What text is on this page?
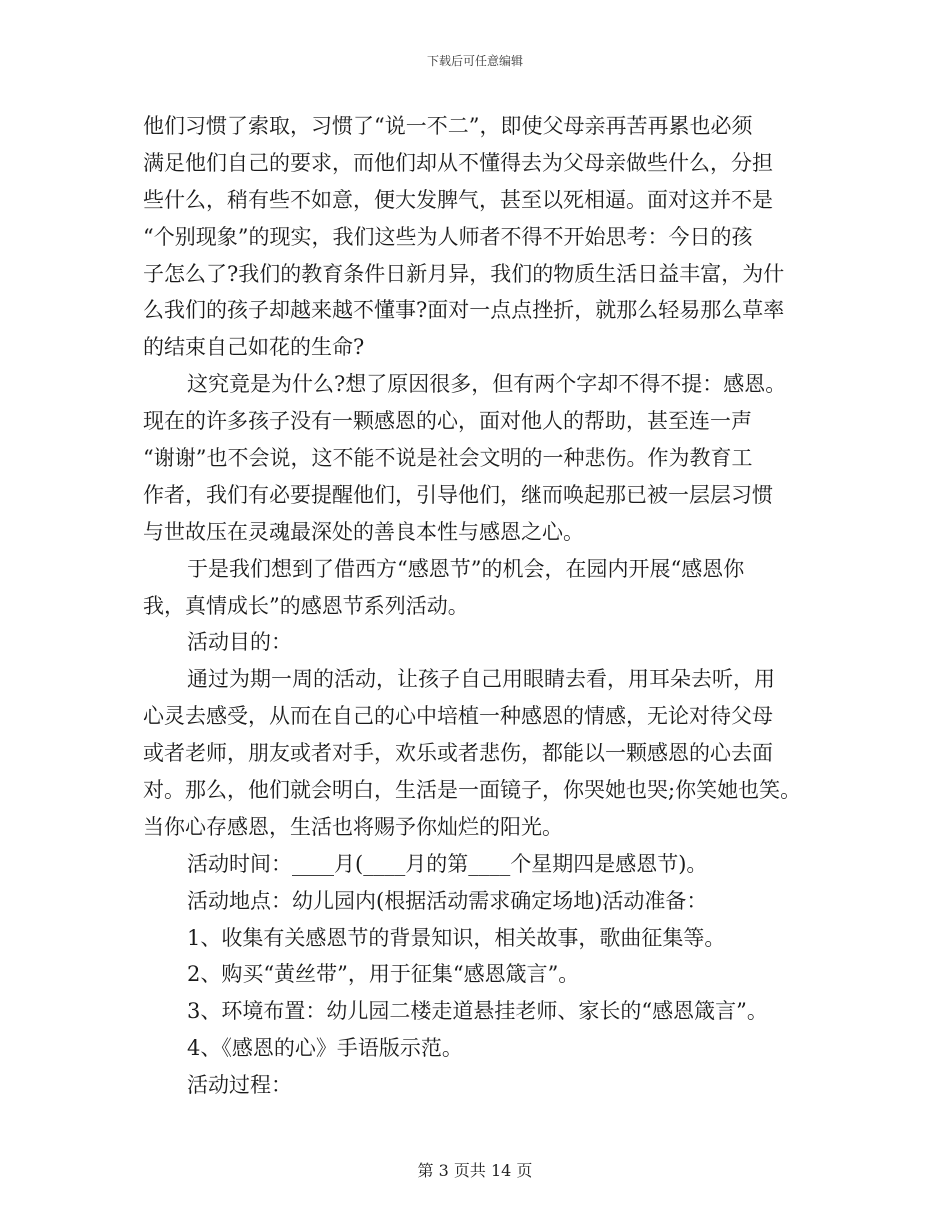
下载后可任意编辑
他们习惯了索取，习惯了“说一不二”，即使父母亲再苦再累也必须
满足他们自己的要求，而他们却从不懂得去为父母亲做些什么，分担
些什么，稍有些不如意，便大发脾气，甚至以死相逼。面对这并不是
“个别现象”的现实，我们这些为人师者不得不开始思考：今日的孩
子怎么了?我们的教育条件日新月异，我们的物质生活日益丰富，为什
么我们的孩子却越来越不懂事?面对一点点挫折，就那么轻易那么草率
的结束自己如花的生命?
这究竟是为什么?想了原因很多，但有两个字却不得不提：感恩。
现在的许多孩子没有一颗感恩的心，面对他人的帮助，甚至连一声
“谢谢”也不会说，这不能不说是社会文明的一种悲伤。作为教育工
作者，我们有必要提醒他们，引导他们，继而唤起那已被一层层习惯
与世故压在灵魂最深处的善良本性与感恩之心。
于是我们想到了借西方“感恩节”的机会，在园内开展“感恩你
我，真情成长”的感恩节系列活动。
活动目的：
通过为期一周的活动，让孩子自己用眼睛去看，用耳朵去听，用
心灵去感受，从而在自己的心中培植一种感恩的情感，无论对待父母
或者老师，朋友或者对手，欢乐或者悲伤，都能以一颗感恩的心去面
对。那么，他们就会明白，生活是一面镜子，你哭她也哭;你笑她也笑。
当你心存感恩，生活也将赐予你灿烂的阳光。
活动时间：____月(____月的第____个星期四是感恩节)。
活动地点：幼儿园内(根据活动需求确定场地)活动准备：
1、收集有关感恩节的背景知识，相关故事，歌曲征集等。
2、购买“黄丝带”，用于征集“感恩箴言”。
3、环境布置：幼儿园二楼走道悬挂老师、家长的“感恩箴言”。
4、《感恩的心》手语版示范。
活动过程：
第 3 页共 14 页
